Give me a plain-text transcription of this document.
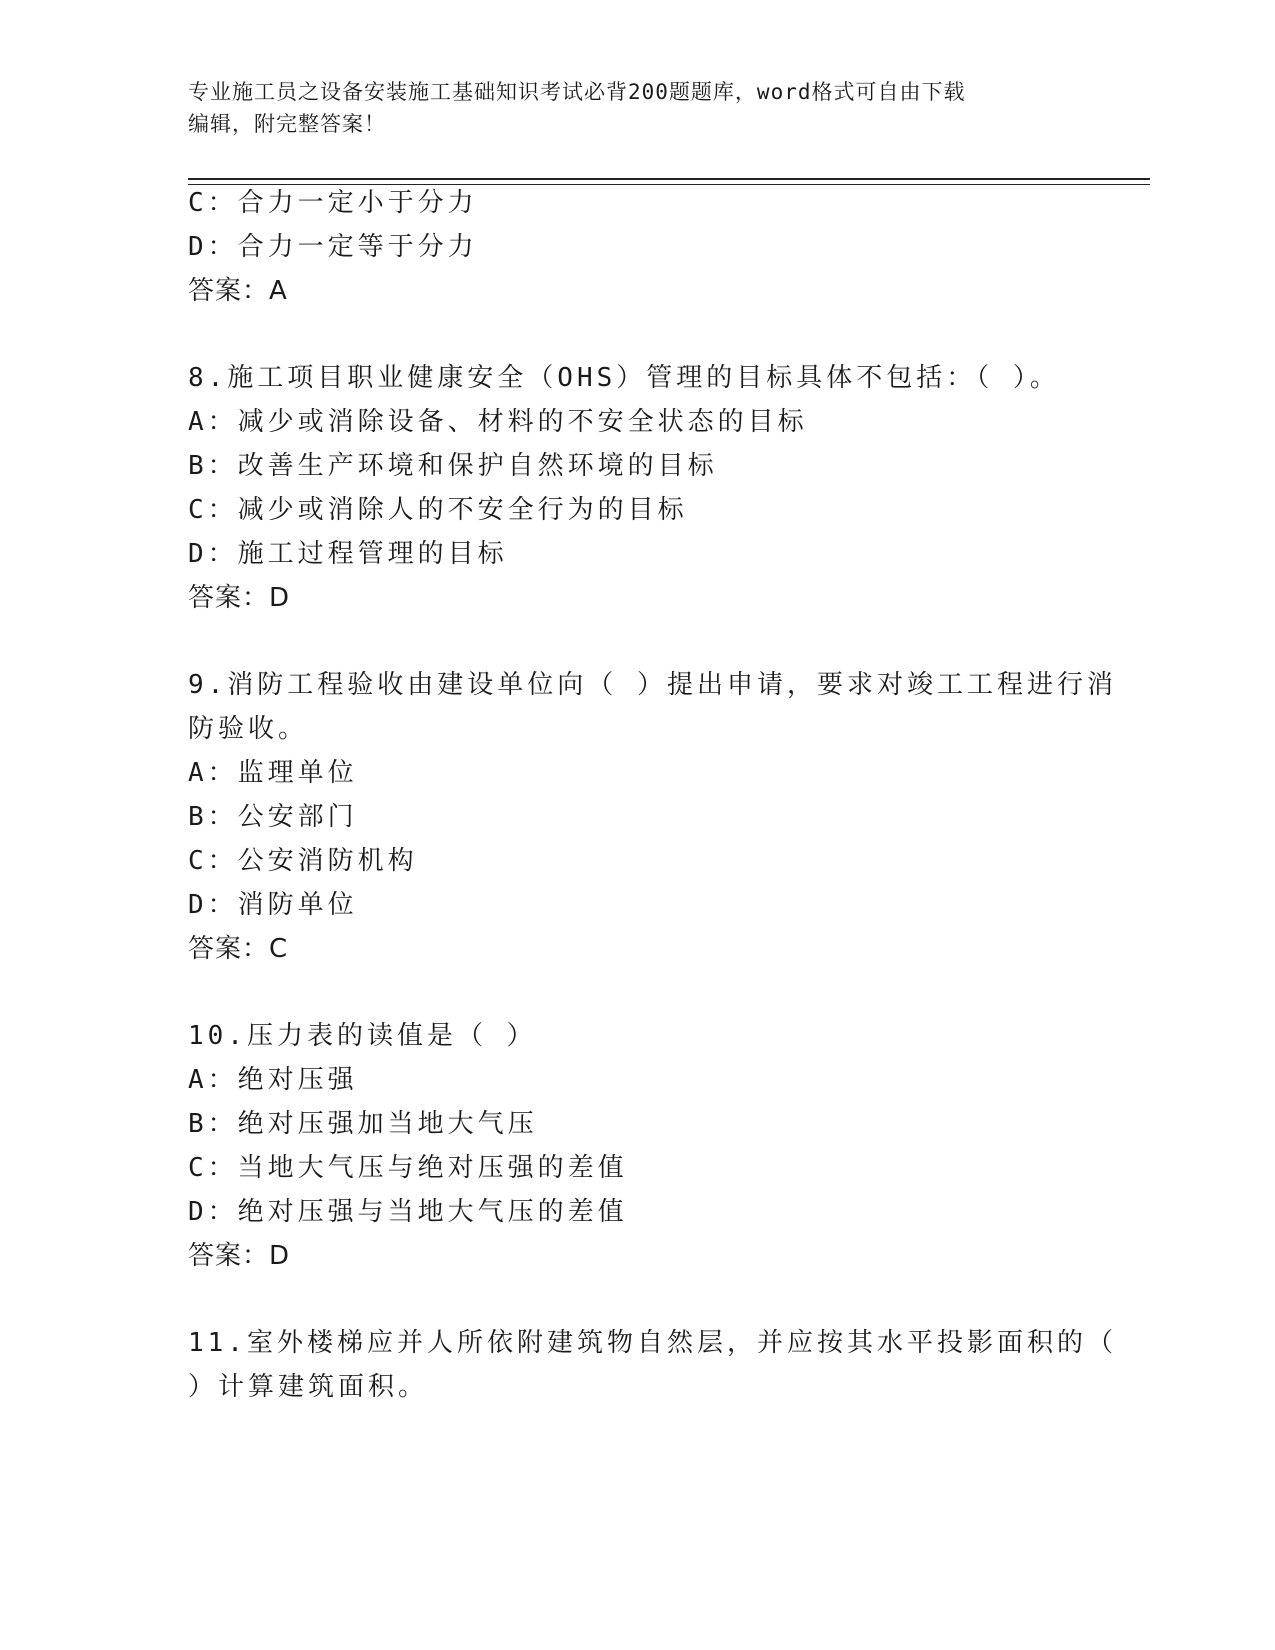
专业施工员之设备安装施工基础知识考试必背200题题库，word格式可自由下载
编辑，附完整答案！
C：合力一定小于分力
D：合力一定等于分力
答案：A
8.施工项目职业健康安全（OHS）管理的目标具体不包括：（ ）。
A：减少或消除设备、材料的不安全状态的目标
B：改善生产环境和保护自然环境的目标
C：减少或消除人的不安全行为的目标
D：施工过程管理的目标
答案：D
9.消防工程验收由建设单位向（ ）提出申请，要求对竣工工程进行消
防验收。
A：监理单位
B：公安部门
C：公安消防机构
D：消防单位
答案：C
10.压力表的读值是（ ）
A：绝对压强
B：绝对压强加当地大气压
C：当地大气压与绝对压强的差值
D：绝对压强与当地大气压的差值
答案：D
11.室外楼梯应并人所依附建筑物自然层，并应按其水平投影面积的（
）计算建筑面积。
